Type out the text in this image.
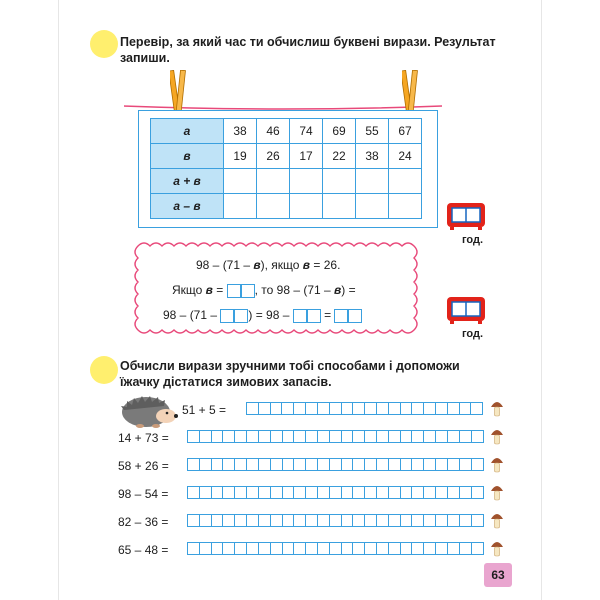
Перевір, за який час ти обчислиш буквені вирази. Результат
запиши.
а	38	46	74	69	55	67
в	19	26	17	22	38	24
а + в						
а – в						
год.
98 – (71 – в), якщо в = 26.
Якщо в = , то 98 – (71 – в) =
98 – (71 – ) = 98 –  =
год.
Обчисли вирази зручними тобі способами і допоможи
їжачку дістатися зимових запасів.
51 + 5 =
14 + 73 =
58 + 26 =
98 – 54 =
82 – 36 =
65 – 48 =
63
